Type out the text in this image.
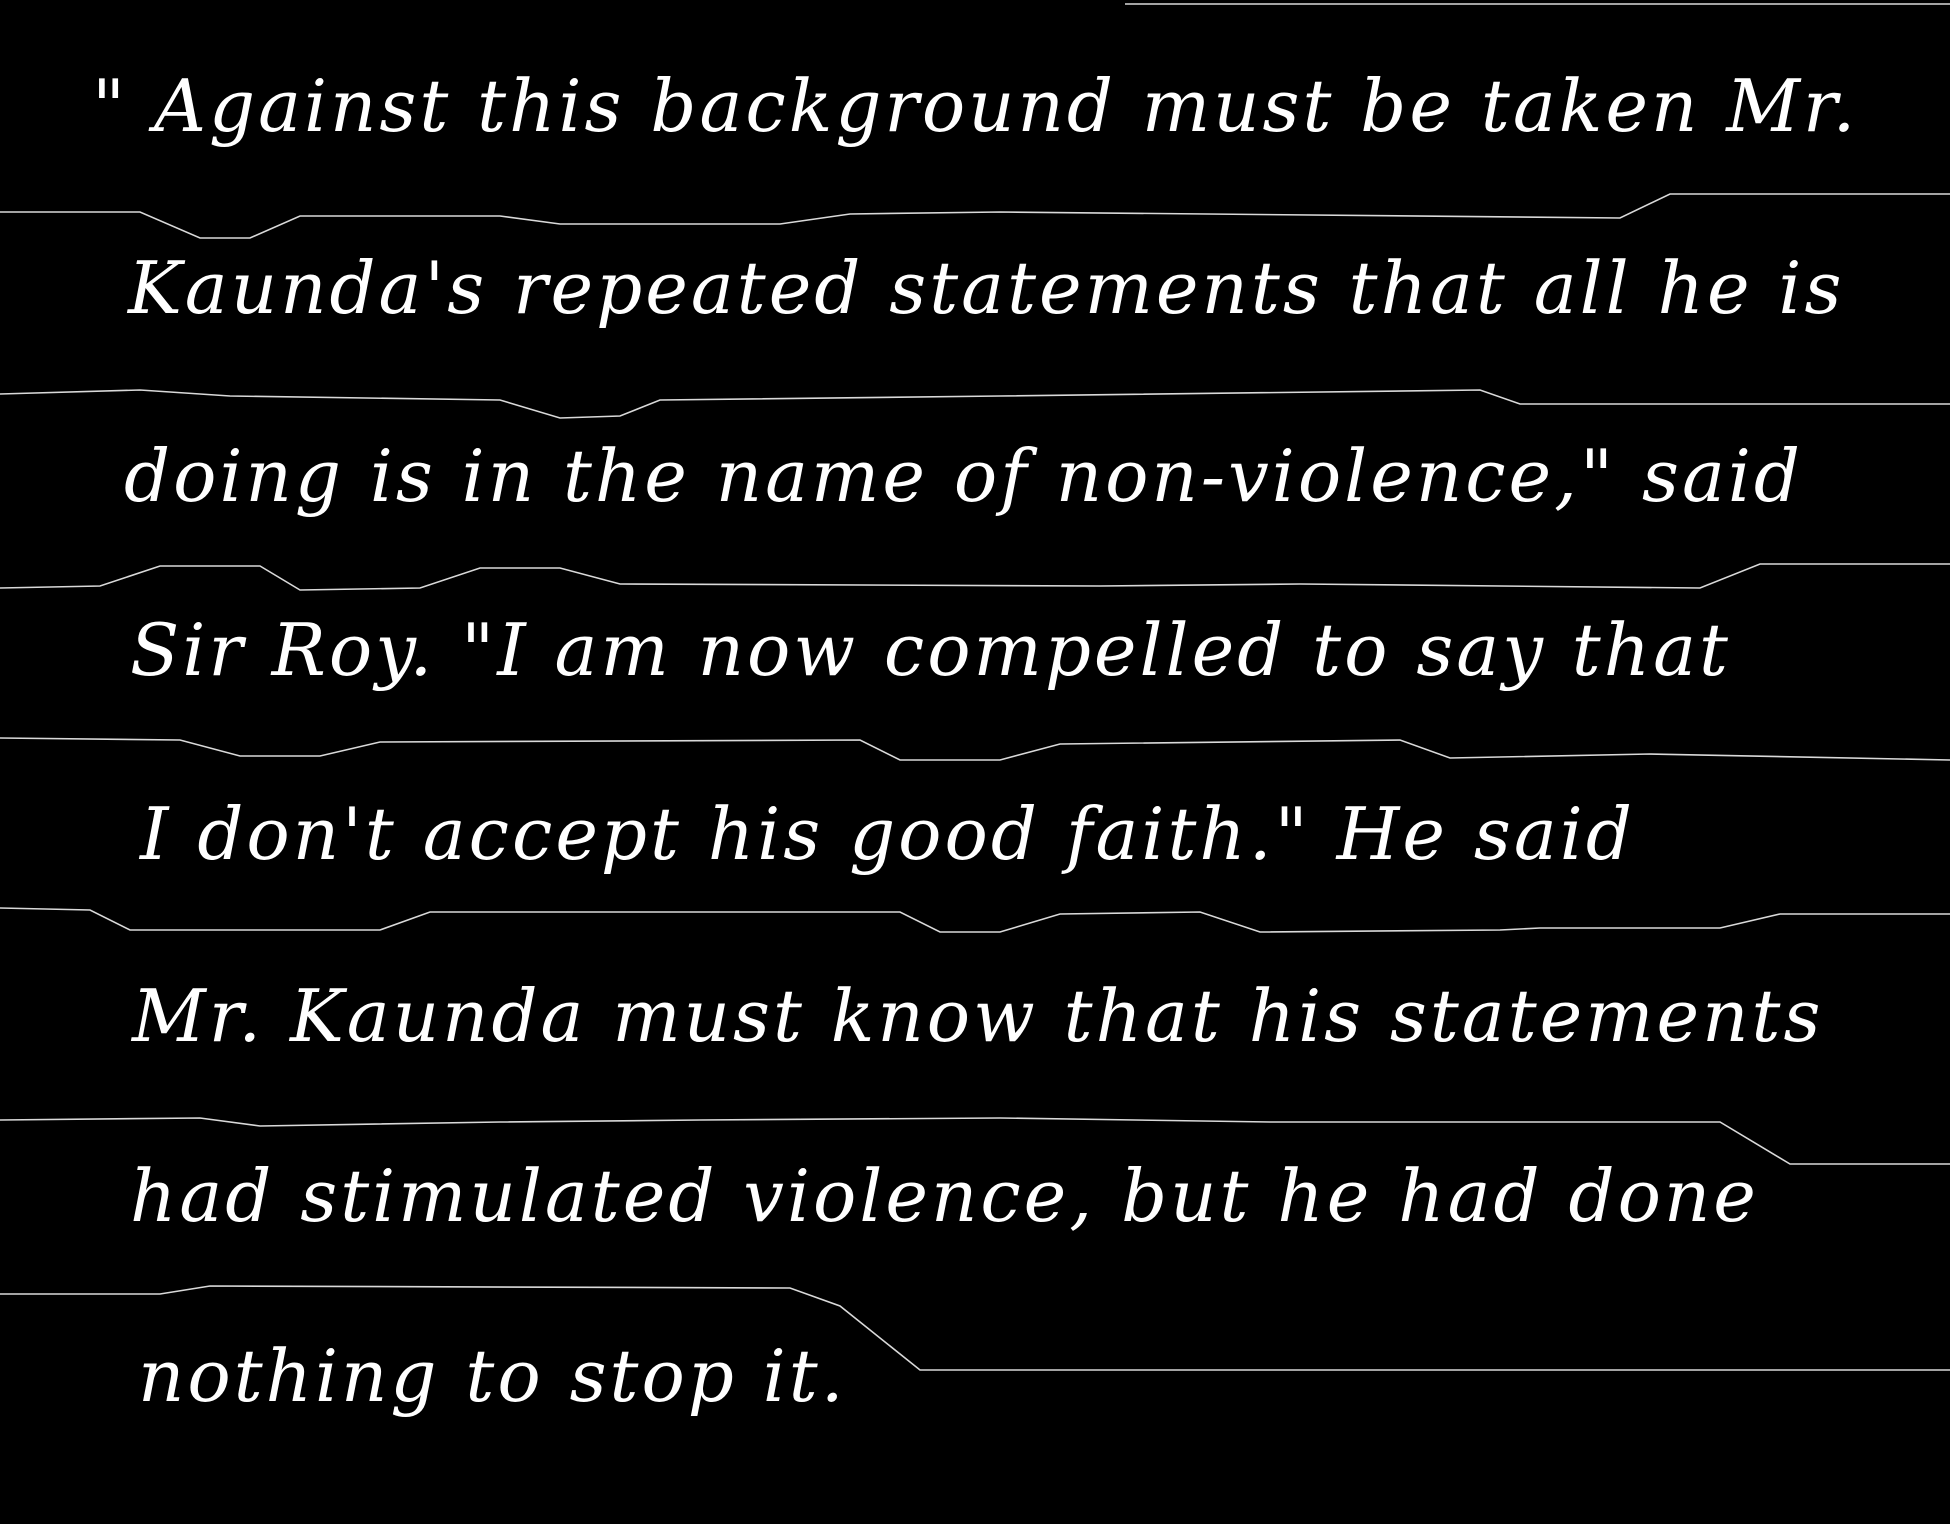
" Against this background must be taken Mr.
Kaunda's repeated statements that all he is
doing is in the name of non-violence," said
Sir Roy. "I am now compelled to say that
I don't accept his good faith." He said
Mr. Kaunda must know that his statements
had stimulated violence, but he had done
nothing to stop it.
